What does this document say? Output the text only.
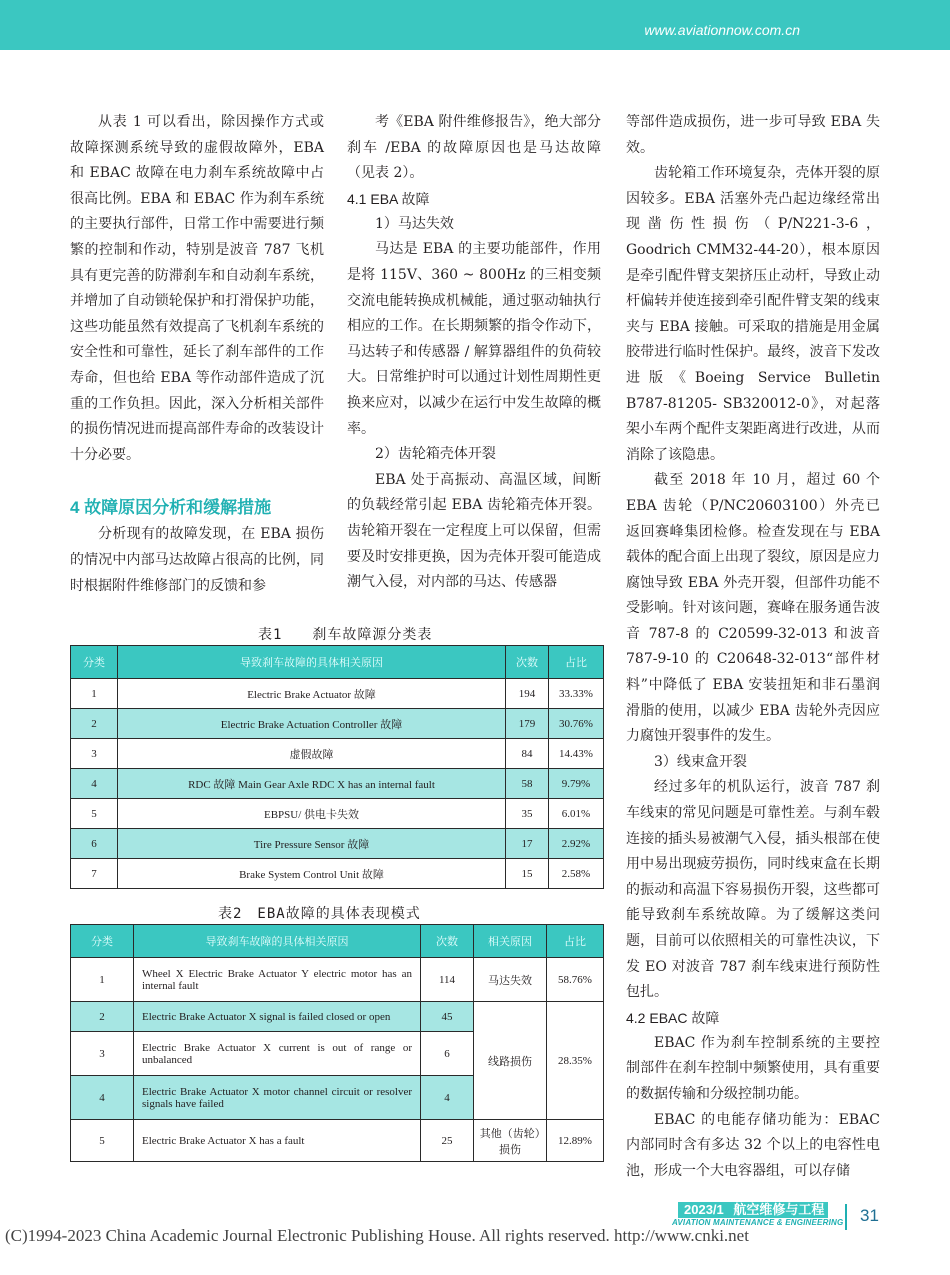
www.aviationnow.com.cn

从表 1 可以看出，除因操作方式或故障探测系统导致的虚假故障外，EBA 和 EBAC 故障在电力刹车系统故障中占很高比例。EBA 和 EBAC 作为刹车系统的主要执行部件，日常工作中需要进行频繁的控制和作动，特别是波音 787 飞机具有更完善的防滞刹车和自动刹车系统，并增加了自动锁轮保护和打滑保护功能，这些功能虽然有效提高了飞机刹车系统的安全性和可靠性，延长了刹车部件的工作寿命，但也给 EBA 等作动部件造成了沉重的工作负担。因此，深入分析相关部件的损伤情况进而提高部件寿命的改装设计十分必要。

4 故障原因分析和缓解措施

分析现有的故障发现，在 EBA 损伤的情况中内部马达故障占很高的比例，同时根据附件维修部门的反馈和参

考《EBA 附件维修报告》，绝大部分刹车 /EBA 的故障原因也是马达故障（见表 2）。

4.1 EBA 故障

1）马达失效

马达是 EBA 的主要功能部件，作用是将 115V、360 ~ 800Hz 的三相变频交流电能转换成机械能，通过驱动轴执行相应的工作。在长期频繁的指令作动下，马达转子和传感器 / 解算器组件的负荷较大。日常维护时可以通过计划性周期性更换来应对，以减少在运行中发生故障的概率。

2）齿轮箱壳体开裂

EBA 处于高振动、高温区域，间断的负载经常引起 EBA 齿轮箱壳体开裂。齿轮箱开裂在一定程度上可以保留，但需要及时安排更换，因为壳体开裂可能造成潮气入侵，对内部的马达、传感器

等部件造成损伤，进一步可导致 EBA 失效。

齿轮箱工作环境复杂，壳体开裂的原因较多。EBA 活塞外壳凸起边缘经常出现凿伤性损伤（P/N221-3-6，Goodrich CMM32-44-20），根本原因是牵引配件臂支架挤压止动杆，导致止动杆偏转并使连接到牵引配件臂支架的线束夹与 EBA 接触。可采取的措施是用金属胶带进行临时性保护。最终，波音下发改进版《Boeing Service Bulletin B787-81205- SB320012-0》，对起落架小车两个配件支架距离进行改进，从而消除了该隐患。

截至 2018 年 10 月，超过 60 个 EBA 齿轮（P/NC20603100）外壳已返回赛峰集团检修。检查发现在与 EBA 载体的配合面上出现了裂纹，原因是应力腐蚀导致 EBA 外壳开裂，但部件功能不受影响。针对该问题，赛峰在服务通告波音 787-8 的 C20599-32-013 和波音 787-9-10 的 C20648-32-013“部件材料”中降低了 EBA 安装扭矩和非石墨润滑脂的使用，以减少 EBA 齿轮外壳因应力腐蚀开裂事件的发生。

3）线束盒开裂

经过多年的机队运行，波音 787 刹车线束的常见问题是可靠性差。与刹车毂连接的插头易被潮气入侵，插头根部在使用中易出现疲劳损伤，同时线束盒在长期的振动和高温下容易损伤开裂，这些都可能导致刹车系统故障。为了缓解这类问题，目前可以依照相关的可靠性决议，下发 EO 对波音 787 刹车线束进行预防性包扎。

4.2 EBAC 故障

EBAC 作为刹车控制系统的主要控制部件在刹车控制中频繁使用，具有重要的数据传输和分级控制功能。

EBAC 的电能存储功能为：EBAC 内部同时含有多达 32 个以上的电容性电池，形成一个大电容器组，可以存储

表1　　刹车故障源分类表
分类	导致刹车故障的具体相关原因	次数	占比
1	Electric Brake Actuator 故障	194	33.33%
2	Electric Brake Actuation Controller 故障	179	30.76%
3	虚假故障	84	14.43%
4	RDC 故障 Main Gear Axle RDC X has an internal fault	58	9.79%
5	EBPSU/ 供电卡失效	35	6.01%
6	Tire Pressure Sensor 故障	17	2.92%
7	Brake System Control Unit 故障	15	2.58%
表2　EBA故障的具体表现模式
分类	导致刹车故障的具体相关原因	次数	相关原因	占比
1	Wheel X Electric Brake Actuator Y electric motor has an internal fault	114	马达失效	58.76%
2	Electric Brake Actuator X signal is failed closed or open	45	线路损伤	28.35%
3	Electric Brake Actuator X current is out of range or unbalanced	6		
4	Electric Brake Actuator X motor channel circuit or resolver signals have failed	4		
5	Electric Brake Actuator X has a fault	25	其他（齿轮）损伤	12.89%
2023/1 航空维修与工程
AVIATION MAINTENANCE & ENGINEERING 31
(C)1994-2023 China Academic Journal Electronic Publishing House. All rights reserved. http://www.cnki.net
